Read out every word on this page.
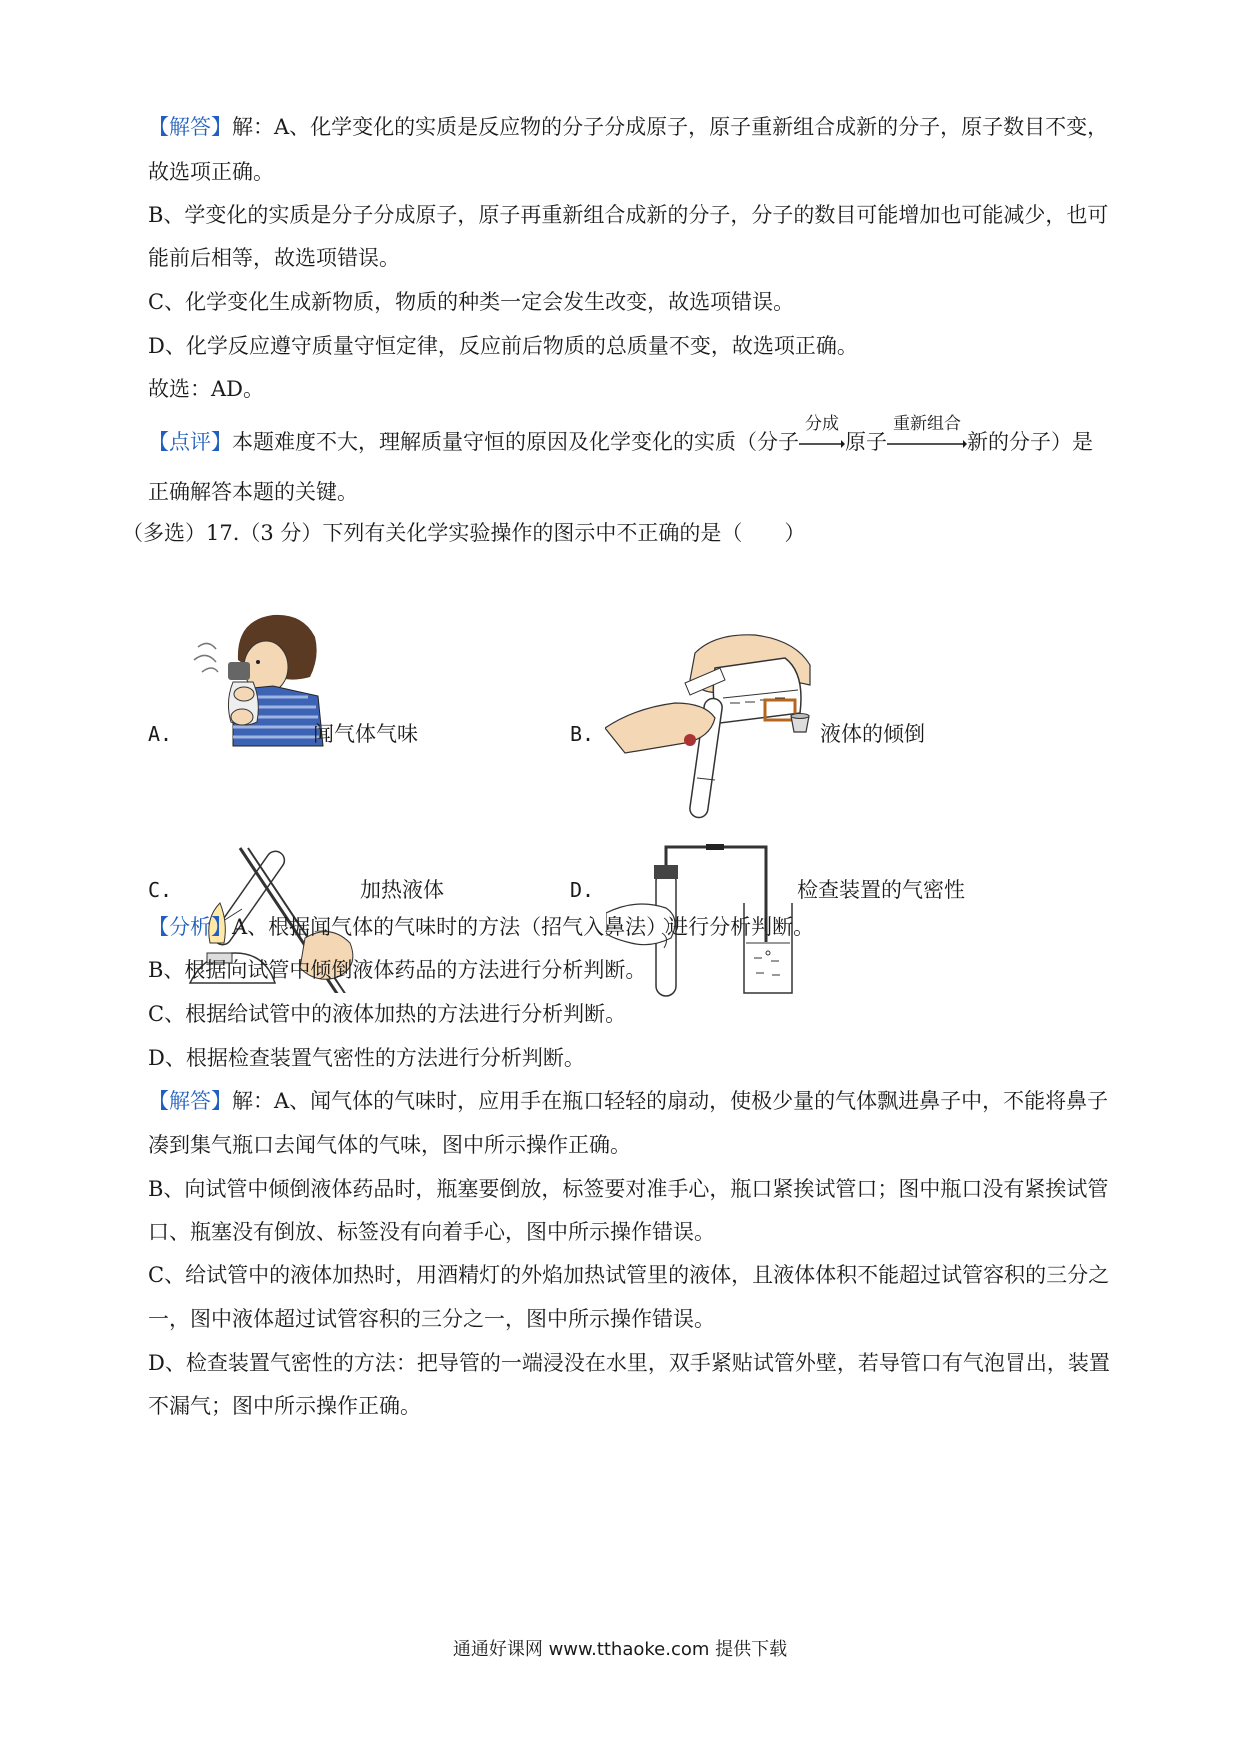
【解答】解：A、化学变化的实质是反应物的分子分成原子，原子重新组合成新的分子，原子数目不变，
故选项正确。
B、学变化的实质是分子分成原子，原子再重新组合成新的分子，分子的数目可能增加也可能减少，也可
能前后相等，故选项错误。
C、化学变化生成新物质，物质的种类一定会发生改变，故选项错误。
D、化学反应遵守质量守恒定律，反应前后物质的总质量不变，故选项正确。
故选：AD。
【点评】本题难度不大，理解质量守恒的原因及化学变化的实质（分子
分成
原子
重新组合
新的分子）是
正确解答本题的关键。
（多选）17.（3 分）下列有关化学实验操作的图示中不正确的是（　　）
A.	闻气体气味	B.	液体的倾倒
C.	加热液体	D.	检查装置的气密性
【分析】A、根据闻气体的气味时的方法（招气入鼻法）进行分析判断。
B、根据向试管中倾倒液体药品的方法进行分析判断。
C、根据给试管中的液体加热的方法进行分析判断。
D、根据检查装置气密性的方法进行分析判断。
【解答】解：A、闻气体的气味时，应用手在瓶口轻轻的扇动，使极少量的气体飘进鼻子中，不能将鼻子
凑到集气瓶口去闻气体的气味，图中所示操作正确。
B、向试管中倾倒液体药品时，瓶塞要倒放，标签要对准手心，瓶口紧挨试管口；图中瓶口没有紧挨试管
口、瓶塞没有倒放、标签没有向着手心，图中所示操作错误。
C、给试管中的液体加热时，用酒精灯的外焰加热试管里的液体，且液体体积不能超过试管容积的三分之
一，图中液体超过试管容积的三分之一，图中所示操作错误。
D、检查装置气密性的方法：把导管的一端浸没在水里，双手紧贴试管外壁，若导管口有气泡冒出，装置
不漏气；图中所示操作正确。
通通好课网 www.tthaoke.com 提供下载
